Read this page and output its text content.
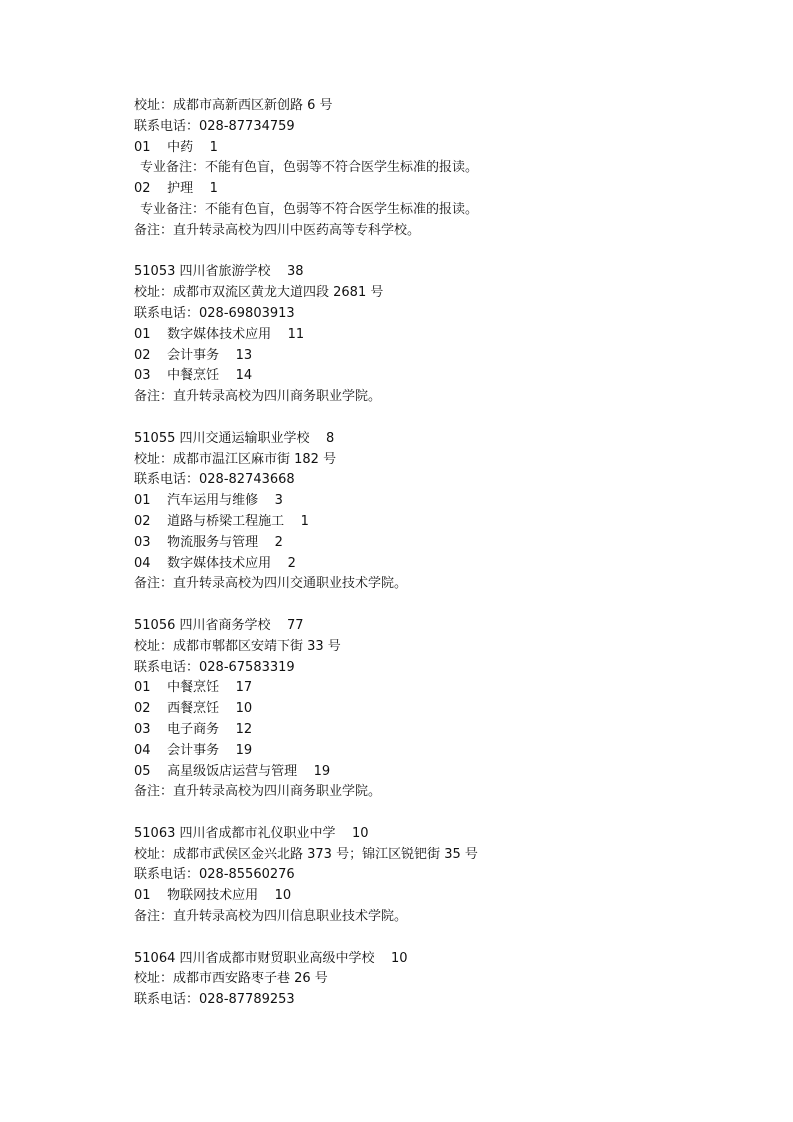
校址：成都市高新西区新创路 6 号
联系电话：028-87734759
01    中药    1
专业备注：不能有色盲，色弱等不符合医学生标准的报读。
02    护理    1
专业备注：不能有色盲，色弱等不符合医学生标准的报读。
备注：直升转录高校为四川中医药高等专科学校。
51053 四川省旅游学校    38
校址：成都市双流区黄龙大道四段 2681 号
联系电话：028-69803913
01    数字媒体技术应用    11
02    会计事务    13
03    中餐烹饪    14
备注：直升转录高校为四川商务职业学院。
51055 四川交通运输职业学校    8
校址：成都市温江区麻市街 182 号
联系电话：028-82743668
01    汽车运用与维修    3
02    道路与桥梁工程施工    1
03    物流服务与管理    2
04    数字媒体技术应用    2
备注：直升转录高校为四川交通职业技术学院。
51056 四川省商务学校    77
校址：成都市郫都区安靖下街 33 号
联系电话：028-67583319
01    中餐烹饪    17
02    西餐烹饪    10
03    电子商务    12
04    会计事务    19
05    高星级饭店运营与管理    19
备注：直升转录高校为四川商务职业学院。
51063 四川省成都市礼仪职业中学    10
校址：成都市武侯区金兴北路 373 号；锦江区锐钯街 35 号
联系电话：028-85560276
01    物联网技术应用    10
备注：直升转录高校为四川信息职业技术学院。
51064 四川省成都市财贸职业高级中学校    10
校址：成都市西安路枣子巷 26 号
联系电话：028-87789253
